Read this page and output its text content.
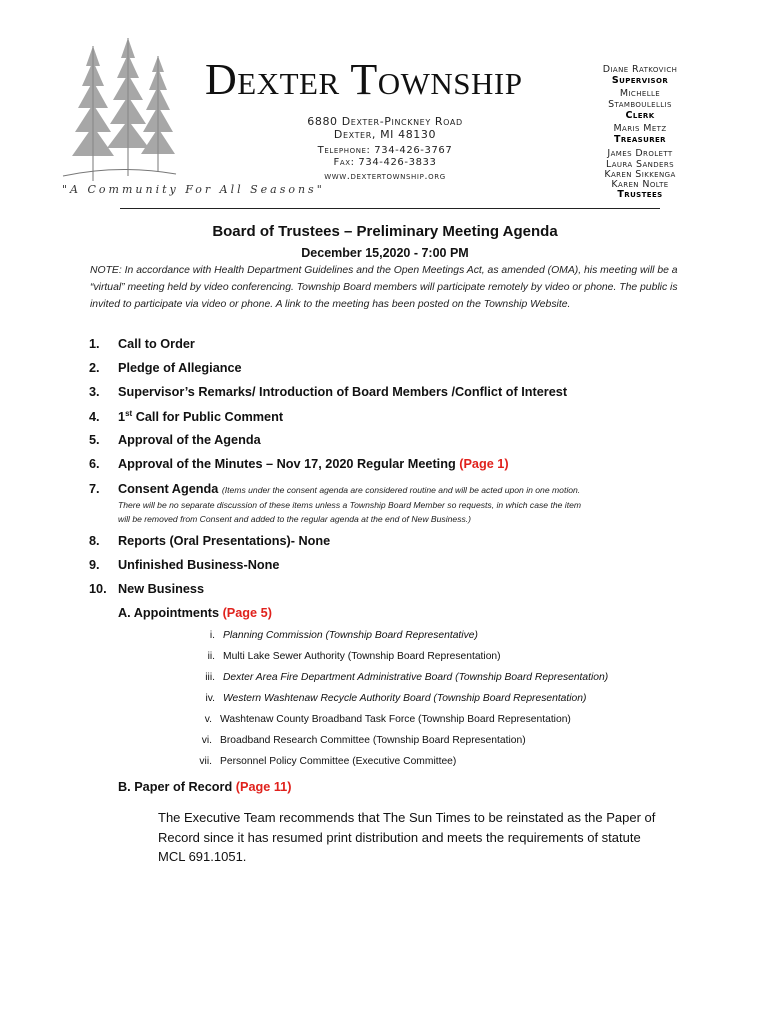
Dexter Township
6880 Dexter-Pinckney Road
Dexter, MI 48130
Telephone: 734-426-3767
Fax: 734-426-3833
www.dextertownship.org
"A Community For All Seasons"
Diane Ratkovich
Supervisor
Michelle
Stamboulellis
Clerk
Maris Metz
Treasurer
James Drolett
Laura Sanders
Karen Sikkenga
Karen Nolte
Trustees
Board of Trustees – Preliminary Meeting Agenda
December 15,2020 - 7:00 PM
NOTE: In accordance with Health Department Guidelines and the Open Meetings Act, as amended (OMA), his meeting will be a “virtual” meeting held by video conferencing. Township Board members will participate remotely by video or phone. The public is invited to participate via video or phone. A link to the meeting has been posted on the Township Website.
1. Call to Order
2. Pledge of Allegiance
3. Supervisor’s Remarks/ Introduction of Board Members /Conflict of Interest
4. 1st Call for Public Comment
5. Approval of the Agenda
6. Approval of the Minutes – Nov 17, 2020 Regular Meeting (Page 1)
7. Consent Agenda (Items under the consent agenda are considered routine and will be acted upon in one motion.
There will be no separate discussion of these items unless a Township Board Member so requests, in which case the item
will be removed from Consent and added to the regular agenda at the end of New Business.)
8. Reports (Oral Presentations)- None
9. Unfinished Business-None
10. New Business
A. Appointments (Page 5)
i. Planning Commission (Township Board Representative)
ii. Multi Lake Sewer Authority (Township Board Representation)
iii. Dexter Area Fire Department Administrative Board (Township Board Representation)
iv. Western Washtenaw Recycle Authority Board (Township Board Representation)
v. Washtenaw County Broadband Task Force (Township Board Representation)
vi. Broadband Research Committee (Township Board Representation)
vii. Personnel Policy Committee (Executive Committee)
B. Paper of Record (Page 11)
The Executive Team recommends that The Sun Times to be reinstated as the Paper of Record since it has resumed print distribution and meets the requirements of statute MCL 691.1051.
